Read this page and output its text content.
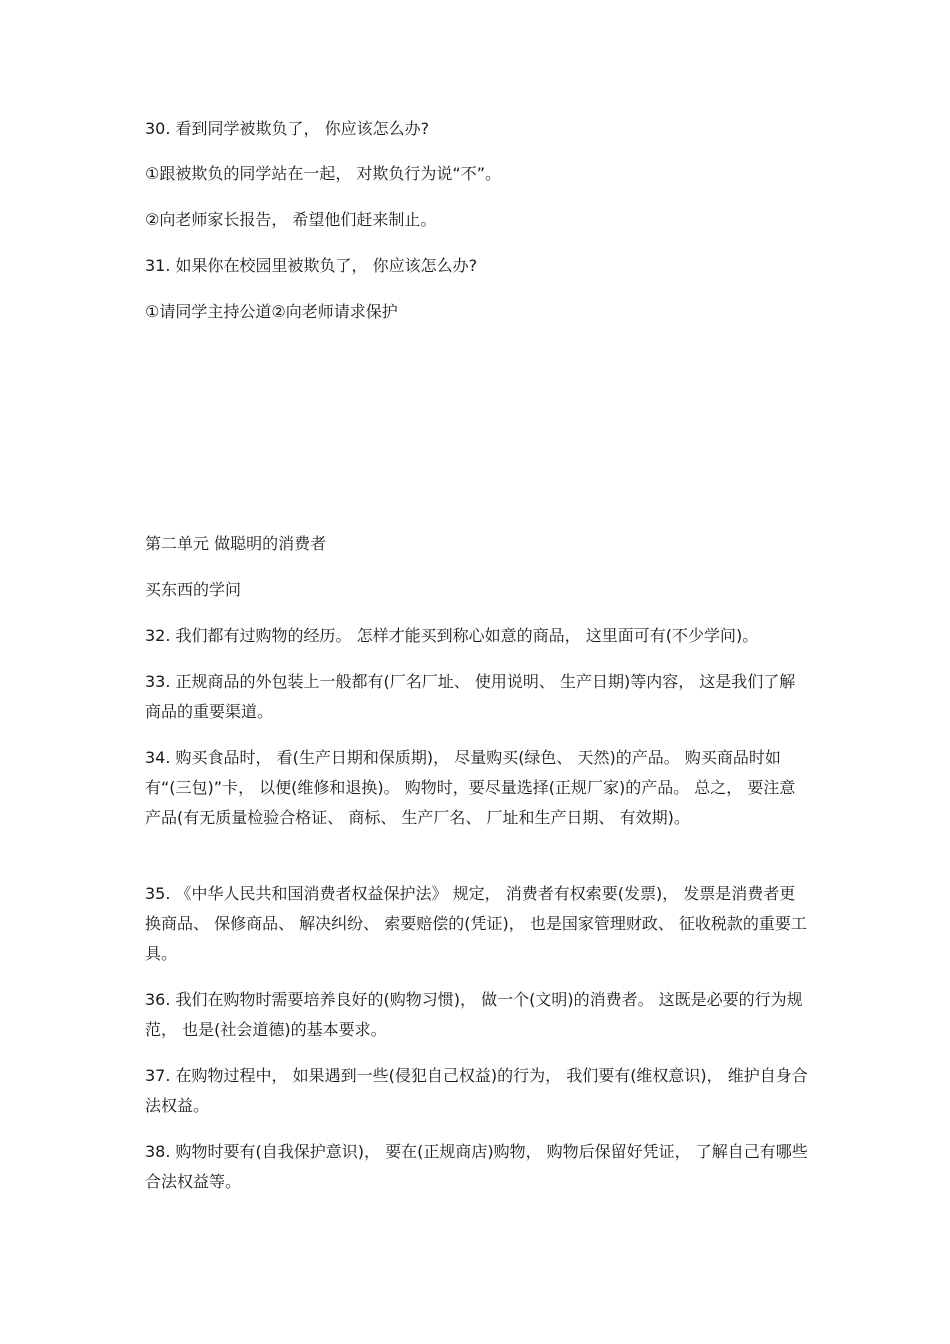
30. 看到同学被欺负了， 你应该怎么办?

①跟被欺负的同学站在一起， 对欺负行为说“不”。

②向老师家长报告， 希望他们赶来制止。

31. 如果你在校园里被欺负了， 你应该怎么办?

①请同学主持公道②向老师请求保护

第二单元 做聪明的消费者

买东西的学问

32. 我们都有过购物的经历。 怎样才能买到称心如意的商品， 这里面可有(不少学问)。

33. 正规商品的外包装上一般都有(厂名厂址、 使用说明、 生产日期)等内容， 这是我们了解商品的重要渠道。

34. 购买食品时， 看(生产日期和保质期)， 尽量购买(绿色、 天然)的产品。 购买商品时如有“(三包)”卡， 以便(维修和退换)。 购物时，要尽量选择(正规厂家)的产品。 总之， 要注意产品(有无质量检验合格证、 商标、 生产厂名、 厂址和生产日期、 有效期)。

35. 《中华人民共和国消费者权益保护法》 规定， 消费者有权索要(发票)， 发票是消费者更换商品、 保修商品、 解决纠纷、 索要赔偿的(凭证)， 也是国家管理财政、 征收税款的重要工具。

36. 我们在购物时需要培养良好的(购物习惯)， 做一个(文明)的消费者。 这既是必要的行为规范， 也是(社会道德)的基本要求。

37. 在购物过程中， 如果遇到一些(侵犯自己权益)的行为， 我们要有(维权意识)， 维护自身合法权益。

38. 购物时要有(自我保护意识)， 要在(正规商店)购物， 购物后保留好凭证， 了解自己有哪些合法权益等。
